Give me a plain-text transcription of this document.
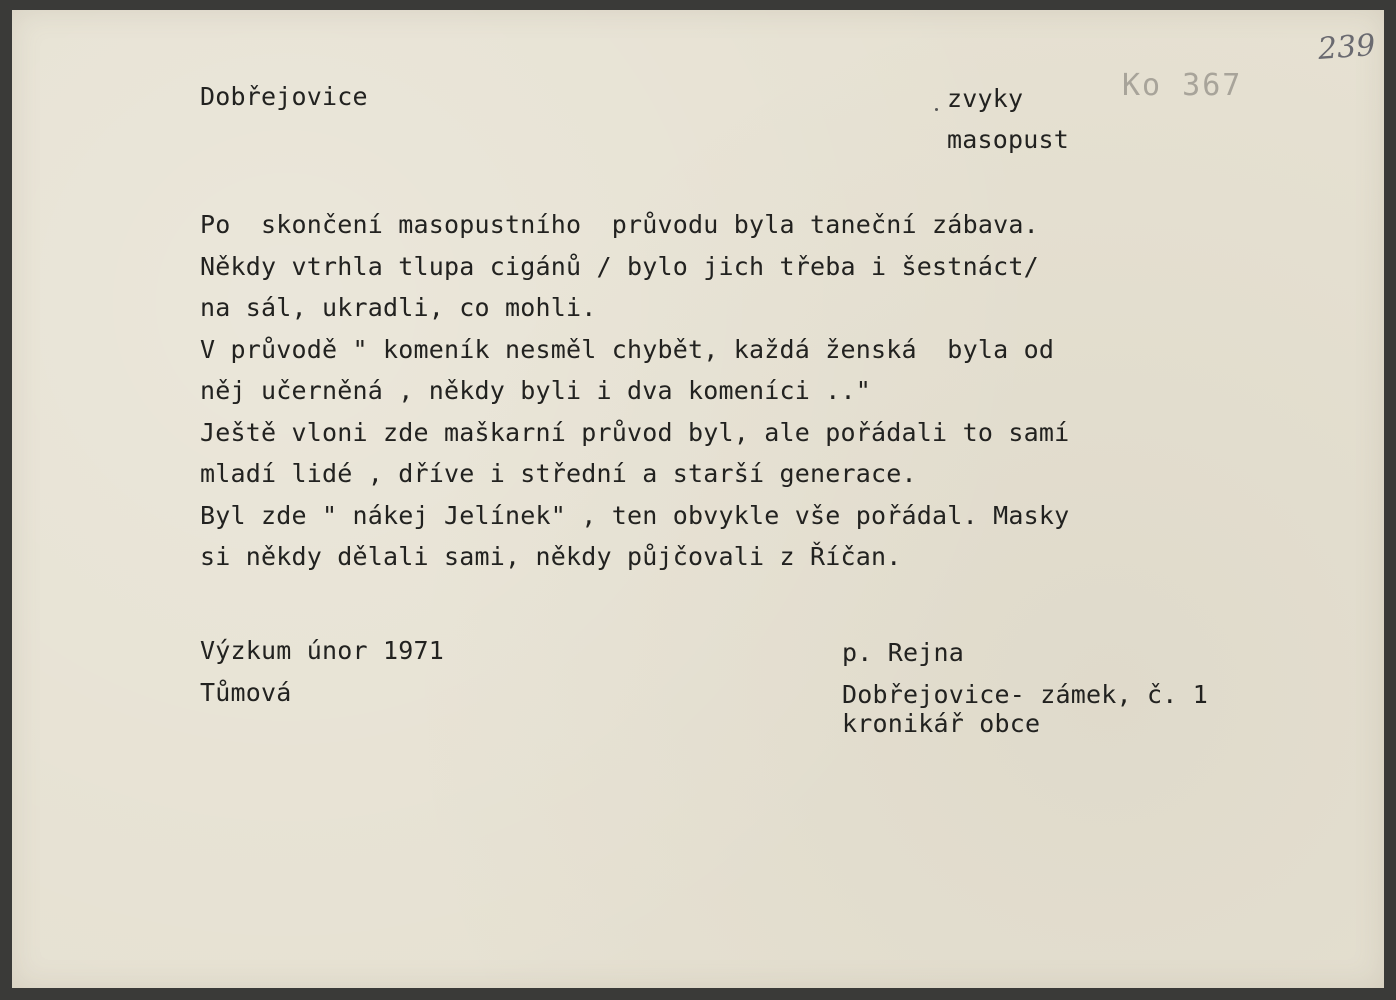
239
Ko 367
Dobřejovice	zvyky
masopust
Po  skončení masopustního  průvodu byla taneční zábava.
Někdy vtrhla tlupa cigánů / bylo jich třeba i šestnáct/
na sál, ukradli, co mohli.
V průvodě " komeník nesměl chybět, každá ženská  byla od
něj učerněná , někdy byli i dva komeníci .."
Ještě vloni zde maškarní průvod byl, ale pořádali to samí
mladí lidé , dříve i střední a starší generace.
Byl zde " nákej Jelínek" , ten obvykle vše pořádal. Masky
si někdy dělali sami, někdy půjčovali z Říčan.
Výzkum únor 1971
Tůmová
p. Rejna
Dobřejovice- zámek, č. 1
kronikář obce
